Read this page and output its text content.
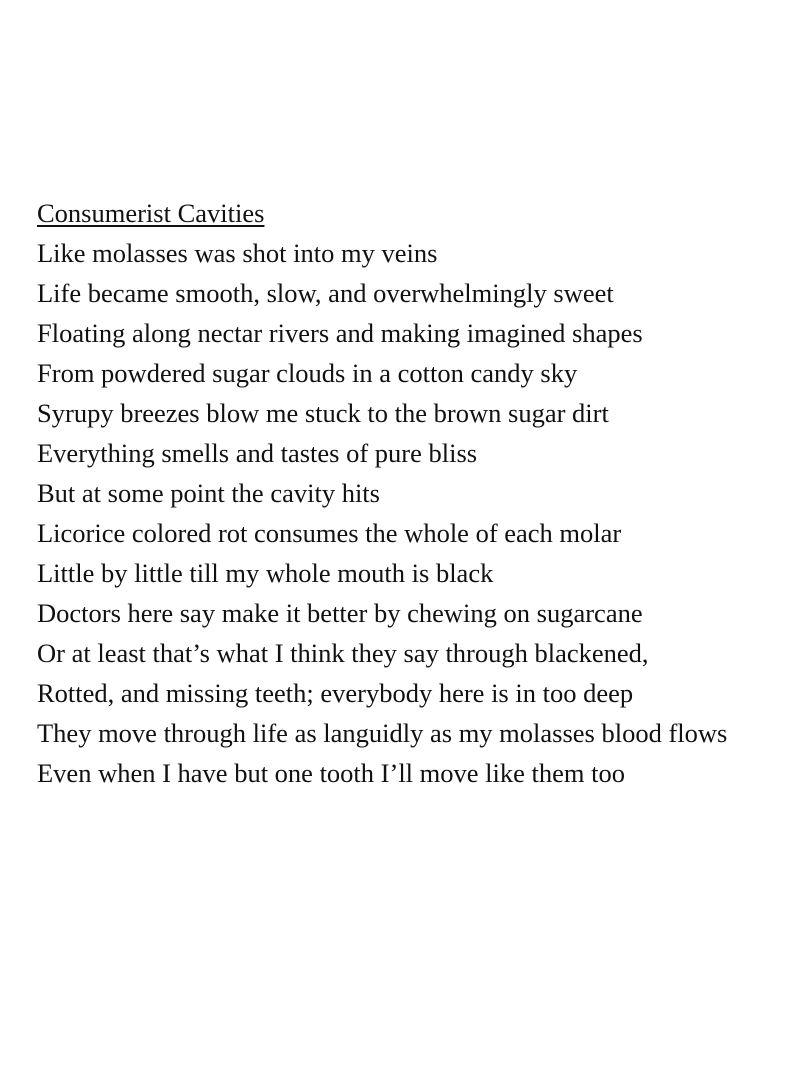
Consumerist Cavities
Like molasses was shot into my veins
Life became smooth, slow, and overwhelmingly sweet
Floating along nectar rivers and making imagined shapes
From powdered sugar clouds in a cotton candy sky
Syrupy breezes blow me stuck to the brown sugar dirt
Everything smells and tastes of pure bliss
But at some point the cavity hits
Licorice colored rot consumes the whole of each molar
Little by little till my whole mouth is black
Doctors here say make it better by chewing on sugarcane
Or at least that’s what I think they say through blackened,
Rotted, and missing teeth; everybody here is in too deep
They move through life as languidly as my molasses blood flows
Even when I have but one tooth I’ll move like them too
